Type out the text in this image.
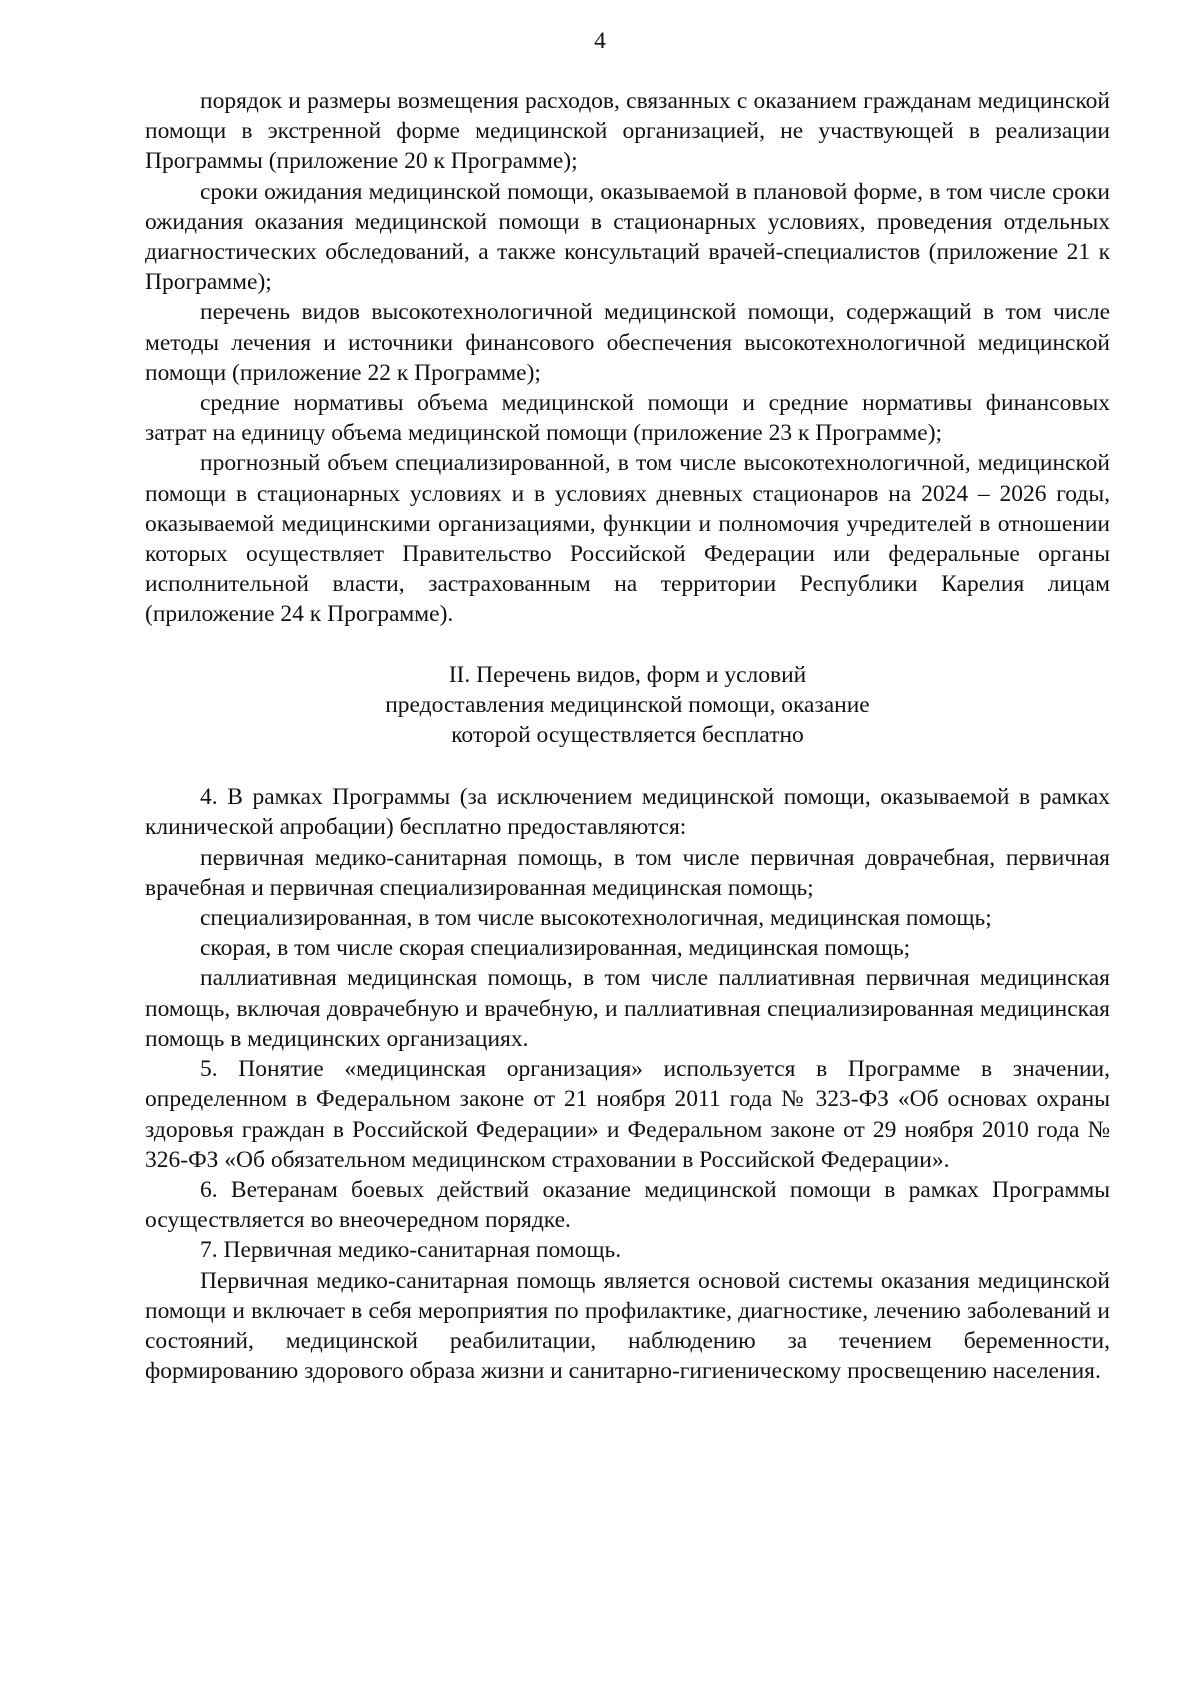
4

порядок и размеры возмещения расходов, связанных с оказанием гражданам медицинской помощи в экстренной форме медицинской организацией, не участвующей в реализации Программы (приложение 20 к Программе);

сроки ожидания медицинской помощи, оказываемой в плановой форме, в том числе сроки ожидания оказания медицинской помощи в стационарных условиях, проведения отдельных диагностических обследований, а также консультаций врачей-специалистов (приложение 21 к Программе);

перечень видов высокотехнологичной медицинской помощи, содержащий в том числе методы лечения и источники финансового обеспечения высокотехнологичной медицинской помощи (приложение 22 к Программе);

средние нормативы объема медицинской помощи и средние нормативы финансовых затрат на единицу объема медицинской помощи (приложение 23 к Программе);

прогнозный объем специализированной, в том числе высокотехнологичной, медицинской помощи в стационарных условиях и в условиях дневных стационаров на 2024 – 2026 годы, оказываемой медицинскими организациями, функции и полномочия учредителей в отношении которых осуществляет Правительство Российской Федерации или федеральные органы исполнительной власти, застрахованным на территории Республики Карелия лицам (приложение 24 к Программе).

II. Перечень видов, форм и условий
предоставления медицинской помощи, оказание
которой осуществляется бесплатно

4. В рамках Программы (за исключением медицинской помощи, оказываемой в рамках клинической апробации) бесплатно предоставляются:

первичная медико-санитарная помощь, в том числе первичная доврачебная, первичная врачебная и первичная специализированная медицинская помощь;

специализированная, в том числе высокотехнологичная, медицинская помощь;

скорая, в том числе скорая специализированная, медицинская помощь;

паллиативная медицинская помощь, в том числе паллиативная первичная медицинская помощь, включая доврачебную и врачебную, и паллиативная специализированная медицинская помощь в медицинских организациях.

5. Понятие «медицинская организация» используется в Программе в значении, определенном в Федеральном законе от 21 ноября 2011 года № 323-ФЗ «Об основах охраны здоровья граждан в Российской Федерации» и Федеральном законе от 29 ноября 2010 года № 326-ФЗ «Об обязательном медицинском страховании в Российской Федерации».

6. Ветеранам боевых действий оказание медицинской помощи в рамках Программы осуществляется во внеочередном порядке.

7. Первичная медико-санитарная помощь.

Первичная медико-санитарная помощь является основой системы оказания медицинской помощи и включает в себя мероприятия по профилактике, диагностике, лечению заболеваний и состояний, медицинской реабилитации, наблюдению за течением беременности, формированию здорового образа жизни и санитарно-гигиеническому просвещению населения.
